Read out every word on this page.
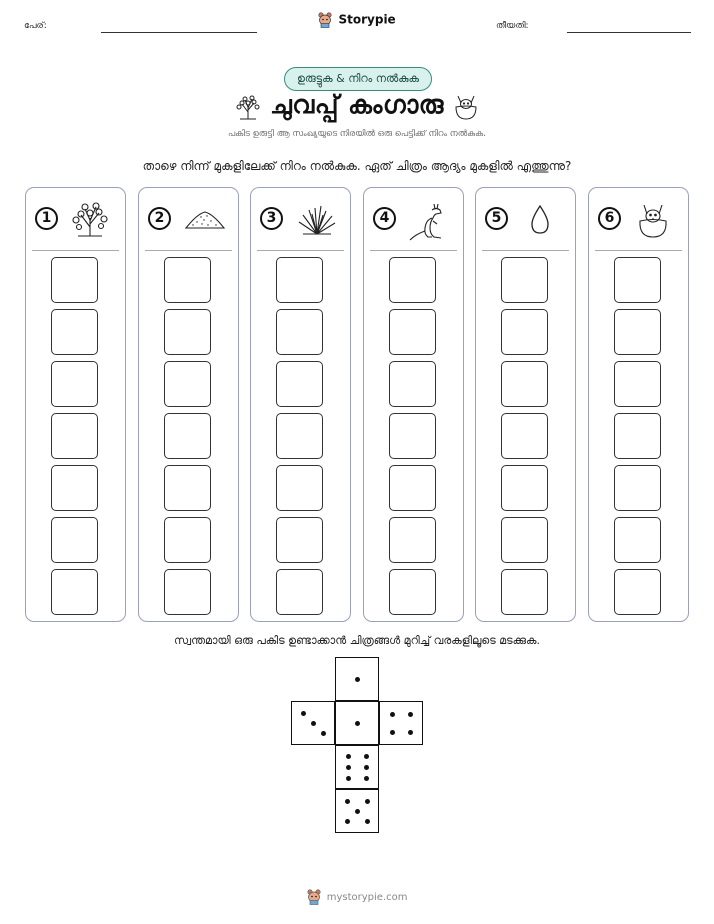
പേര്:	Storypie	തീയതി:
ഉരുട്ടുക & നിറം നൽകുക
ചുവപ്പ് കംഗാരു
പകിട ഉരുട്ടി ആ സംഖ്യയുടെ നിരയിൽ ഒരു പെട്ടിക്ക് നിറം നൽകുക.
താഴെ നിന്ന് മുകളിലേക്ക് നിറം നൽകുക. ഏത് ചിത്രം ആദ്യം മുകളിൽ എത്തുന്നു?
1	2	3	4	5	6
സ്വന്തമായി ഒരു പകിട ഉണ്ടാക്കാൻ ചിത്രങ്ങൾ മുറിച്ച് വരകളിലൂടെ മടക്കുക.
mystorypie.com
